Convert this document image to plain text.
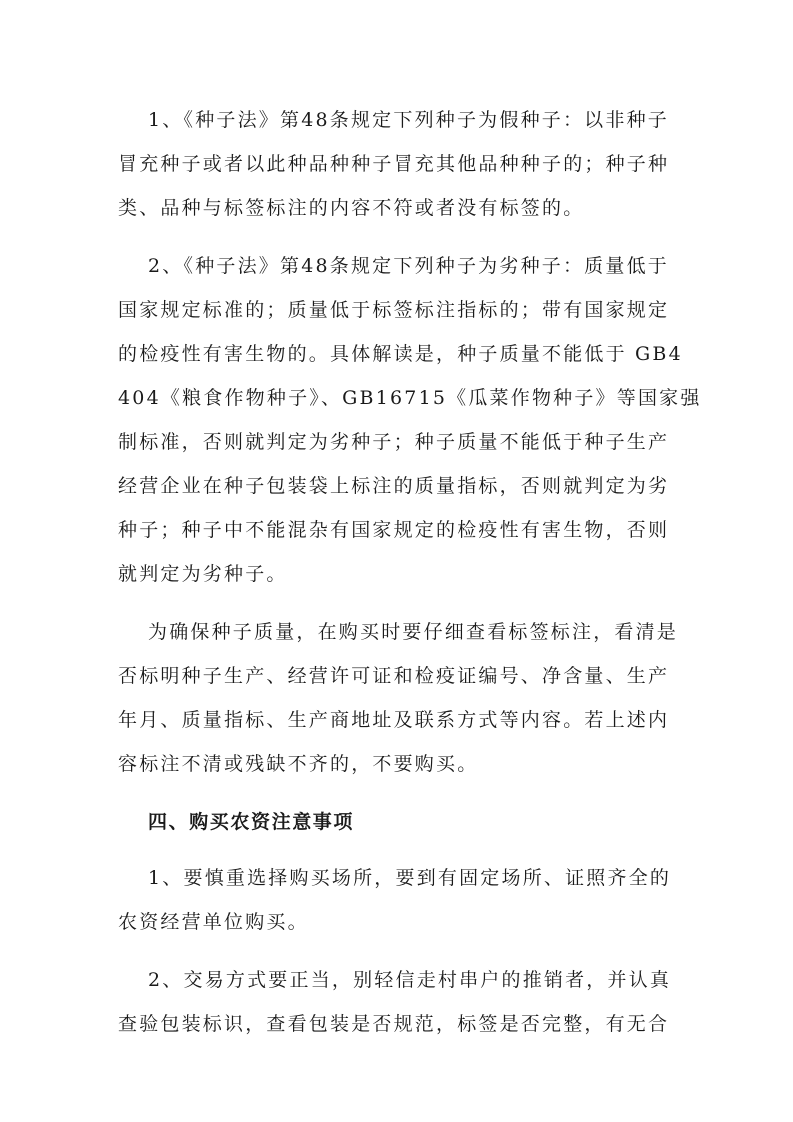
1、《种子法》第48条规定下列种子为假种子：以非种子
冒充种子或者以此种品种种子冒充其他品种种子的；种子种
类、品种与标签标注的内容不符或者没有标签的。
2、《种子法》第48条规定下列种子为劣种子：质量低于
国家规定标准的；质量低于标签标注指标的；带有国家规定
的检疫性有害生物的。具体解读是，种子质量不能低于 GB4
404《粮食作物种子》、GB16715《瓜菜作物种子》等国家强
制标准，否则就判定为劣种子；种子质量不能低于种子生产
经营企业在种子包装袋上标注的质量指标，否则就判定为劣
种子；种子中不能混杂有国家规定的检疫性有害生物，否则
就判定为劣种子。
为确保种子质量，在购买时要仔细查看标签标注，看清是
否标明种子生产、经营许可证和检疫证编号、净含量、生产
年月、质量指标、生产商地址及联系方式等内容。若上述内
容标注不清或残缺不齐的，不要购买。
四、购买农资注意事项
1、要慎重选择购买场所，要到有固定场所、证照齐全的
农资经营单位购买。
2、交易方式要正当，别轻信走村串户的推销者，并认真
查验包装标识，查看包装是否规范，标签是否完整，有无合
